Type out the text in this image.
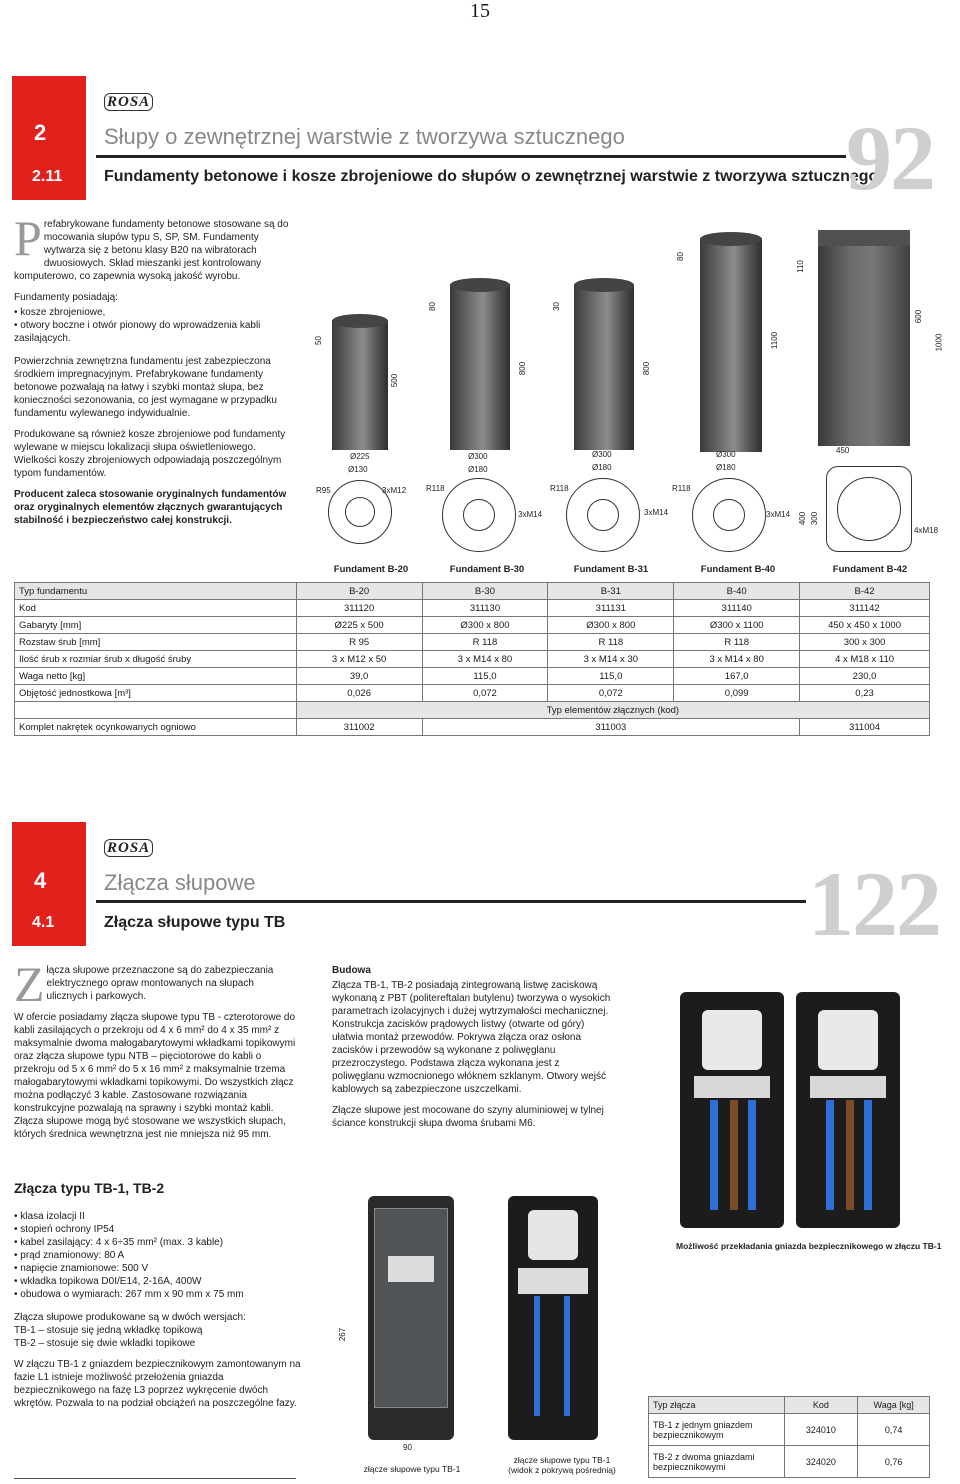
15
2
2.11
ROSA
Słupy o zewnętrznej warstwie z tworzywa sztucznego
Fundamenty betonowe i kosze zbrojeniowe do słupów o zewnętrznej warstwie z tworzywa sztucznego
92

Prefabrykowane fundamenty betonowe stosowane są do mocowania słupów typu S, SP, SM. Fundamenty wytwarza się z betonu klasy B20 na wibratorach dwuosiowych. Skład mieszanki jest kontrolowany komputerowo, co zapewnia wysoką jakość wyrobu.

Fundamenty posiadają:

• kosze zbrojeniowe,
• otwory boczne i otwór pionowy do wprowadzenia kabli zasilających.

Powierzchnia zewnętrzna fundamentu jest zabezpieczona środkiem impregnacyjnym. Prefabrykowane fundamenty betonowe pozwalają na łatwy i szybki montaż słupa, bez konieczności sezonowania, co jest wymagane w przypadku fundamentu wylewanego indywidualnie.

Produkowane są również kosze zbrojeniowe pod fundamenty wylewane w miejscu lokalizacji słupa oświetleniowego. Wielkości koszy zbrojeniowych odpowiadają poszczególnym typom fundamentów.

Producent zaleca stosowanie oryginalnych fundamentów oraz oryginalnych elementów złącznych gwarantujących stabilność i bezpieczeństwo całej konstrukcji.

50
500
Ø225
Ø130
R95	3xM12
Fundament B-20
80
800
Ø300
Ø180
R118
3xM14
Fundament B-30
30
800
Ø300
Ø180
R118
3xM14
Fundament B-31
80
1100
Ø300
Ø180
R118
3xM14
Fundament B-40
110
600
1000
450
400 300
4xM18
Fundament B-42
Typ fundamentu	B-20	B-30	B-31	B-40	B-42
Kod	311120	311130	311131	311140	311142
Gabaryty [mm]	Ø225 x 500	Ø300 x 800	Ø300 x 800	Ø300 x 1100	450 x 450 x 1000
Rozstaw śrub [mm]	R 95	R 118	R 118	R 118	300 x 300
Ilość śrub x rozmiar śrub x długość śruby	3 x M12 x 50	3 x M14 x 80	3 x M14 x 30	3 x M14 x 80	4 x M18 x 110
Waga netto [kg]	39,0	115,0	115,0	167,0	230,0
Objętość jednostkowa [m³]	0,026	0,072	0,072	0,099	0,23
	Typ elementów złącznych (kod)				
Komplet nakrętek ocynkowanych ogniowo	311002	311003			311004
4
4.1
ROSA
Złącza słupowe
Złącza słupowe typu TB	122

Złącza słupowe przeznaczone są do zabezpieczania elektrycznego opraw montowanych na słupach ulicznych i parkowych.

W ofercie posiadamy złącza słupowe typu TB - czterotorowe do kabli zasilających o przekroju od 4 x 6 mm² do 4 x 35 mm² z maksymalnie dwoma małogabarytowymi wkładkami topikowymi oraz złącza słupowe typu NTB – pięciotorowe do kabli o przekroju od 5 x 6 mm² do 5 x 16 mm² z maksymalnie trzema małogabarytowymi wkładkami topikowymi. Do wszystkich złącz można podłączyć 3 kable. Zastosowane rozwiązania konstrukcyjne pozwalają na sprawny i szybki montaż kabli. Złącza słupowe mogą być stosowane we wszystkich słupach, których średnica wewnętrzna jest nie mniejsza niż 95 mm.

Złącza typu TB-1, TB-2
• klasa izolacji II
• stopień ochrony IP54
• kabel zasilający: 4 x 6÷35 mm² (max. 3 kable)
• prąd znamionowy: 80 A
• napięcie znamionowe: 500 V
• wkładka topikowa D0I/E14, 2-16A, 400W
• obudowa o wymiarach: 267 mm x 90 mm x 75 mm

Złącza słupowe produkowane są w dwóch wersjach:

TB-1 – stosuje się jedną wkładkę topikową

TB-2 – stosuje się dwie wkładki topikowe

W złączu TB-1 z gniazdem bezpiecznikowym zamontowanym na fazie L1 istnieje możliwość przełożenia gniazda bezpiecznikowego na fazę L3 poprzez wykręcenie dwóch wkrętów. Pozwala to na podział obciążeń na poszczególne fazy.

Budowa

Złącza TB-1, TB-2 posiadają zintegrowaną listwę zaciskową wykonaną z PBT (politereftalan butylenu) tworzywa o wysokich parametrach izolacyjnych i dużej wytrzymałości mechanicznej. Konstrukcja zacisków prądowych listwy (otwarte od góry) ułatwia montaż przewodów. Pokrywa złącza oraz osłona zacisków i przewodów są wykonane z poliwęglanu przezroczystego. Podstawa złącza wykonana jest z poliwęglanu wzmocnionego włóknem szklanym. Otwory wejść kablowych są zabezpieczone uszczelkami.

Złącze słupowe jest mocowane do szyny aluminiowej w tylnej ściance konstrukcji słupa dwoma śrubami M6.

Możliwość przekładania gniazda bezpiecznikowego w złączu TB-1
267
90
złącze słupowe typu TB-1
złącze słupowe typu TB-1
(widok z pokrywą pośrednią)
Typ złącza	Kod	Waga [kg]
TB-1 z jednym gniazdem bezpiecznikowym	324010	0,74
TB-2 z dwoma gniazdami bezpiecznikowymi	324020	0,76
